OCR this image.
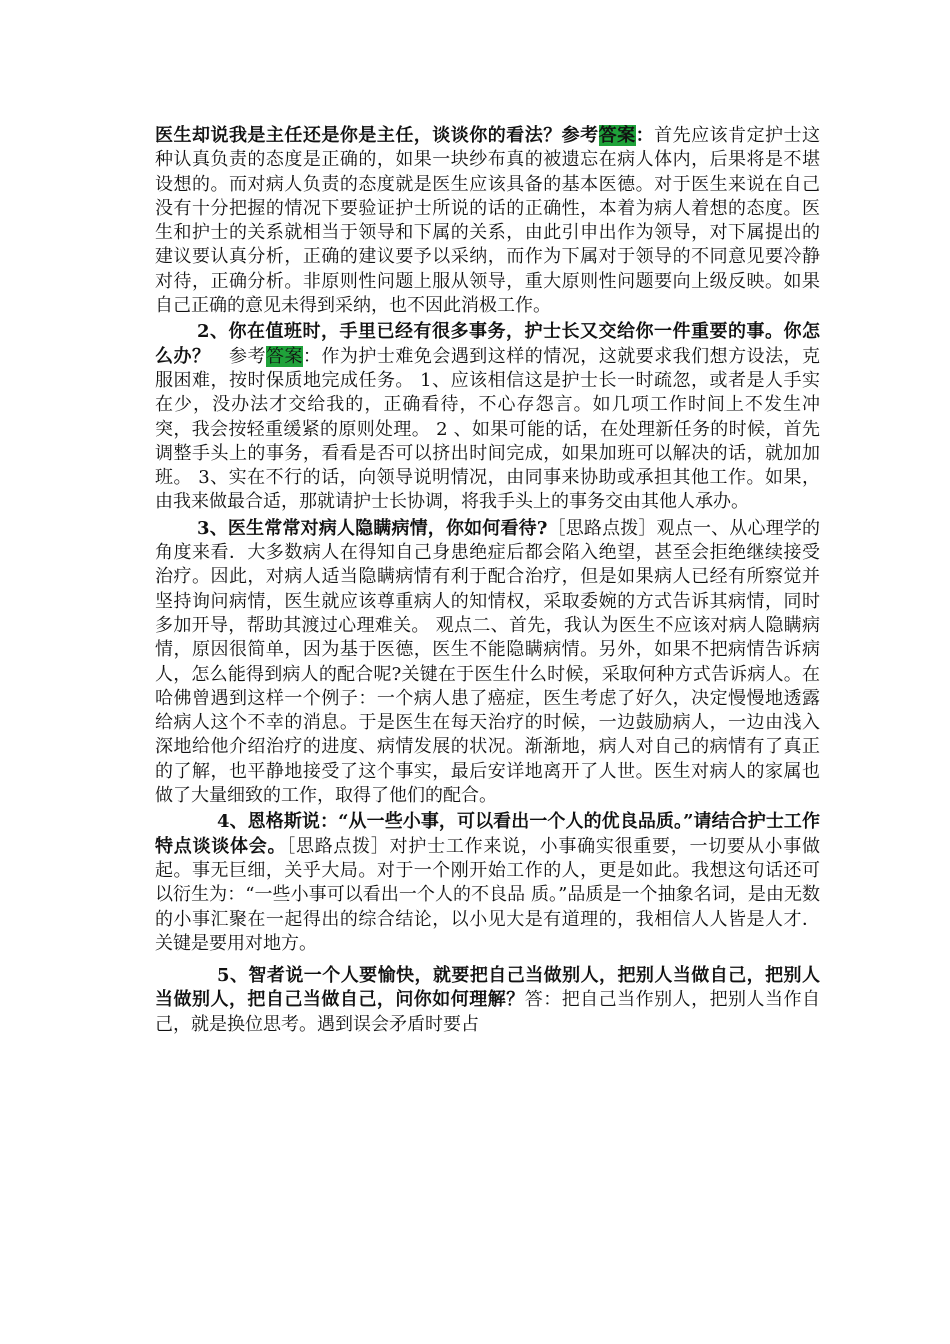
医生却说我是主任还是你是主任，谈谈你的看法？参考答案：首先应该肯定护士这种认真负责的态度是正确的，如果一块纱布真的被遗忘在病人体内，后果将是不堪设想的。而对病人负责的态度就是医生应该具备的基本医德。对于医生来说在自己没有十分把握的情况下要验证护士所说的话的正确性，本着为病人着想的态度。医生和护士的关系就相当于领导和下属的关系，由此引申出作为领导，对下属提出的建议要认真分析，正确的建议要予以采纳，而作为下属对于领导的不同意见要冷静对待，正确分析。非原则性问题上服从领导，重大原则性问题要向上级反映。如果自己正确的意见未得到采纳，也不因此消极工作。

2、你在值班时，手里已经有很多事务，护士长又交给你一件重要的事。你怎么办？　参考答案：作为护士难免会遇到这样的情况，这就要求我们想方设法，克服困难，按时保质地完成任务。 1、应该相信这是护士长一时疏忽，或者是人手实在少，没办法才交给我的，正确看待，不心存怨言。如几项工作时间上不发生冲突，我会按轻重缓紧的原则处理。 2 、如果可能的话，在处理新任务的时候，首先调整手头上的事务，看看是否可以挤出时间完成，如果加班可以解决的话，就加加班。 3、实在不行的话，向领导说明情况，由同事来协助或承担其他工作。如果，由我来做最合适，那就请护士长协调，将我手头上的事务交由其他人承办。

3、医生常常对病人隐瞒病情，你如何看待?［思路点拨］观点一、从心理学的角度来看．大多数病人在得知自己身患绝症后都会陷入绝望，甚至会拒绝继续接受治疗。因此，对病人适当隐瞒病情有利于配合治疗，但是如果病人已经有所察觉并坚持询问病情，医生就应该尊重病人的知情权，采取委婉的方式告诉其病情，同时多加开导，帮助其渡过心理难关。 观点二、首先，我认为医生不应该对病人隐瞒病情，原因很简单，因为基于医德，医生不能隐瞒病情。另外，如果不把病情告诉病人，怎么能得到病人的配合呢?关键在于医生什么时候，采取何种方式告诉病人。在哈佛曾遇到这样一个例子：一个病人患了癌症，医生考虑了好久，决定慢慢地透露给病人这个不幸的消息。于是医生在每天治疗的时候，一边鼓励病人，一边由浅入深地给他介绍治疗的进度、病情发展的状况。渐渐地，病人对自己的病情有了真正的了解，也平静地接受了这个事实，最后安详地离开了人世。医生对病人的家属也做了大量细致的工作，取得了他们的配合。

4、恩格斯说：“从一些小事，可以看出一个人的优良品质。”请结合护士工作特点谈谈体会。［思路点拨］对护士工作来说，小事确实很重要，一切要从小事做起。事无巨细，关乎大局。对于一个刚开始工作的人，更是如此。我想这句话还可以衍生为：“一些小事可以看出一个人的不良品 质。”品质是一个抽象名词，是由无数的小事汇聚在一起得出的综合结论，以小见大是有道理的，我相信人人皆是人才．关键是要用对地方。

5、智者说一个人要愉快，就要把自己当做别人，把别人当做自己，把别人当做别人，把自己当做自己，问你如何理解？答：把自己当作别人，把别人当作自己，就是换位思考。遇到误会矛盾时要占
